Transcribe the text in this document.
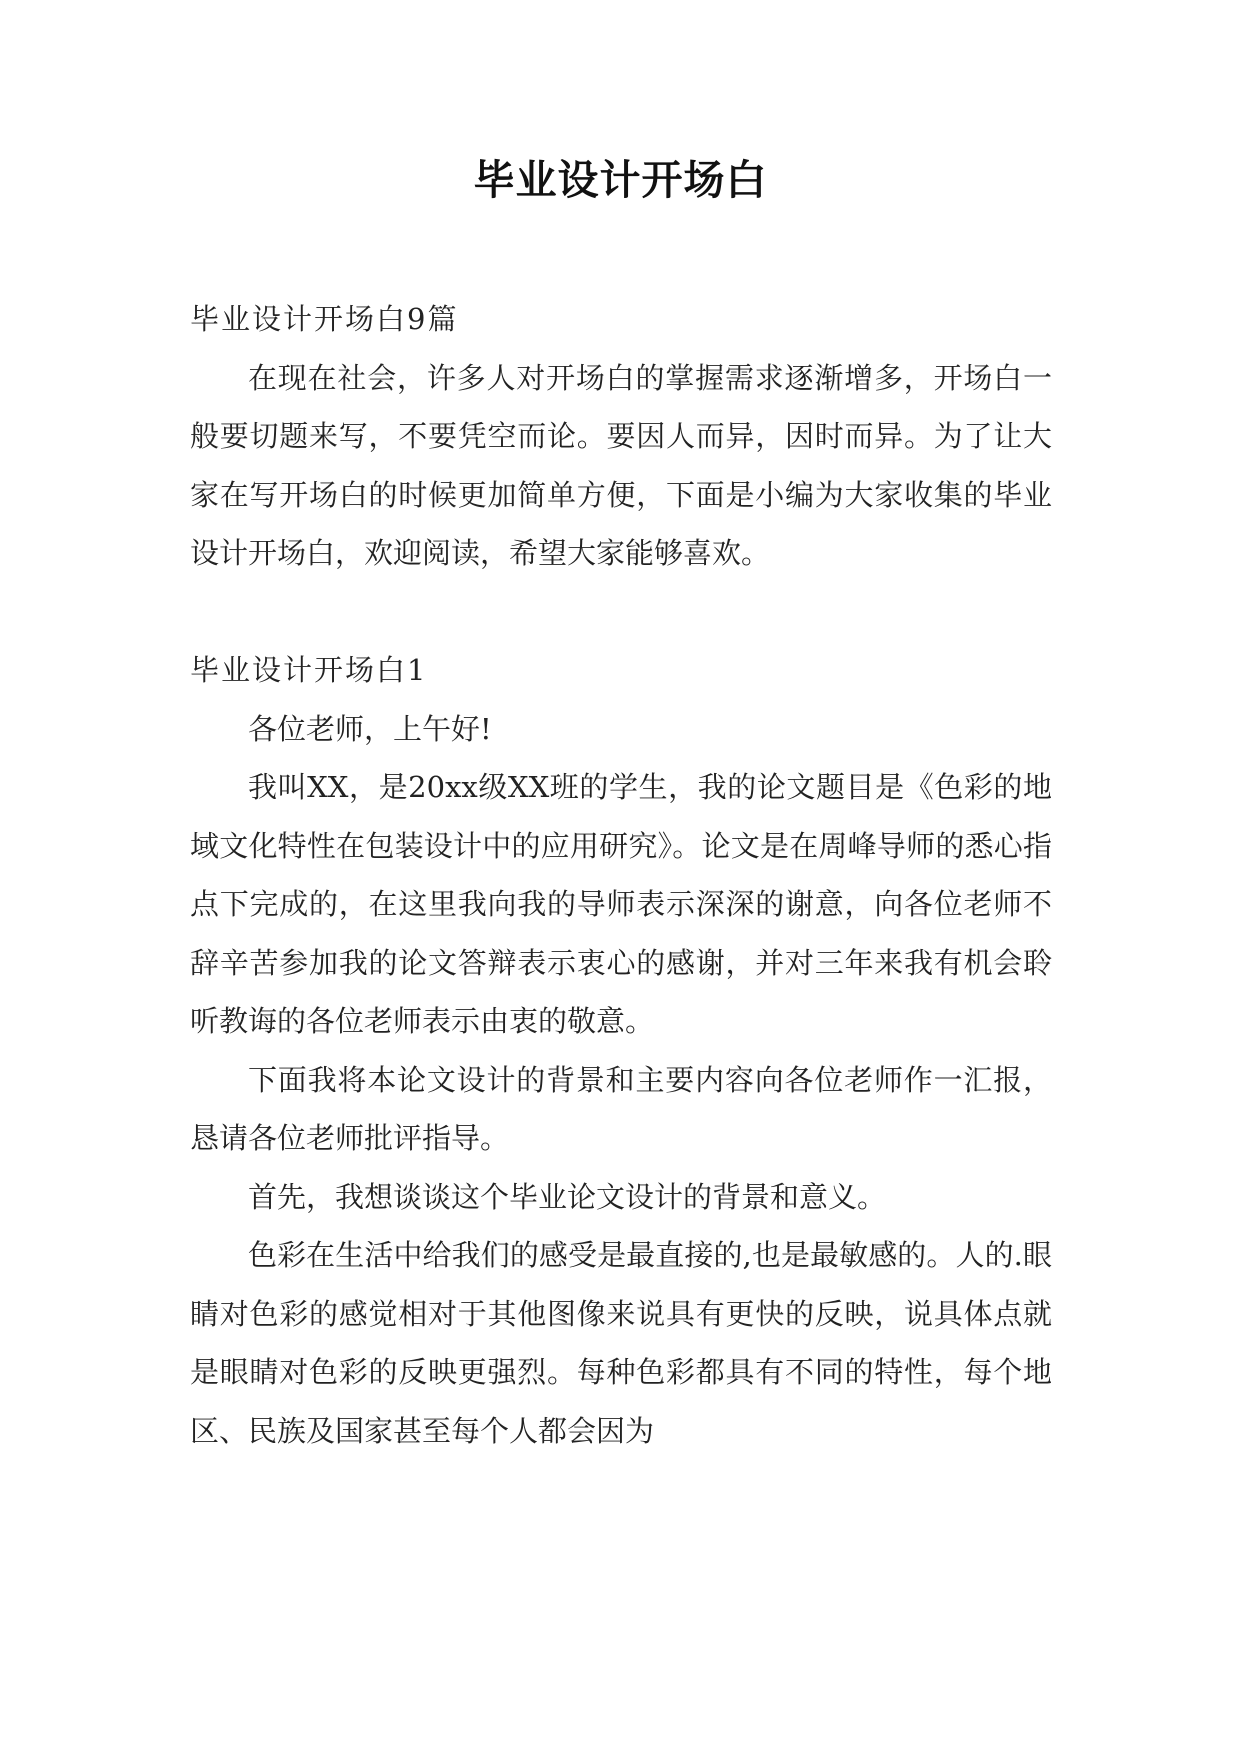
毕业设计开场白

毕业设计开场白9篇

在现在社会，许多人对开场白的掌握需求逐渐增多，开场白一般要切题来写，不要凭空而论。要因人而异，因时而异。为了让大家在写开场白的时候更加简单方便，下面是小编为大家收集的毕业设计开场白，欢迎阅读，希望大家能够喜欢。

毕业设计开场白1

各位老师，上午好!

我叫XX，是20xx级XX班的学生，我的论文题目是《色彩的地域文化特性在包装设计中的应用研究》。论文是在周峰导师的悉心指点下完成的，在这里我向我的导师表示深深的谢意，向各位老师不辞辛苦参加我的论文答辩表示衷心的感谢，并对三年来我有机会聆听教诲的各位老师表示由衷的敬意。

下面我将本论文设计的背景和主要内容向各位老师作一汇报，恳请各位老师批评指导。

首先，我想谈谈这个毕业论文设计的背景和意义。

色彩在生活中给我们的感受是最直接的,也是最敏感的。人的.眼睛对色彩的感觉相对于其他图像来说具有更快的反映，说具体点就是眼睛对色彩的反映更强烈。每种色彩都具有不同的特性，每个地区、民族及国家甚至每个人都会因为
